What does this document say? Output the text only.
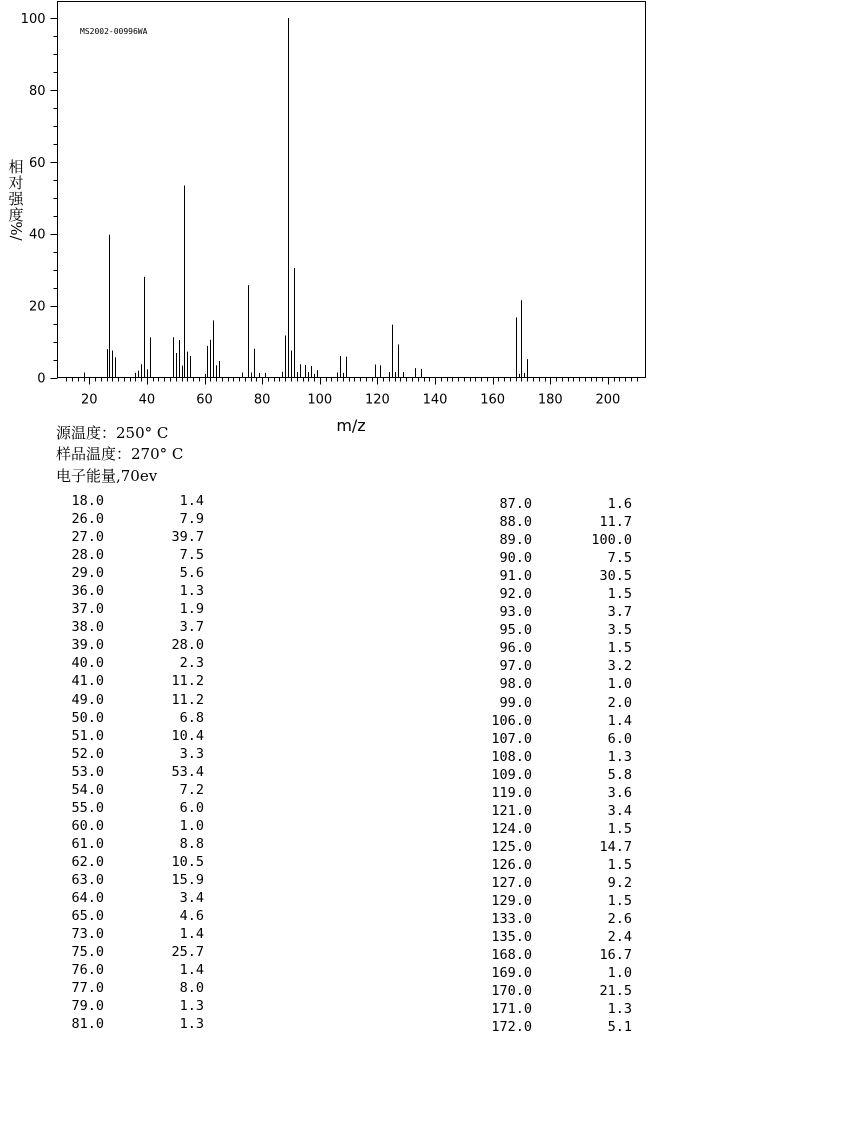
20	40	60	80	100	120	140	160	180	200
0
20
40
60
80
100
MS2002-00996WA
m/z
相
对
强
度
%/
源温度：250° C
样品温度：270° C
电子能量,70ev
18.0	1.4
26.0	7.9
27.0	39.7
28.0	7.5
29.0	5.6
36.0	1.3
37.0	1.9
38.0	3.7
39.0	28.0
40.0	2.3
41.0	11.2
49.0	11.2
50.0	6.8
51.0	10.4
52.0	3.3
53.0	53.4
54.0	7.2
55.0	6.0
60.0	1.0
61.0	8.8
62.0	10.5
63.0	15.9
64.0	3.4
65.0	4.6
73.0	1.4
75.0	25.7
76.0	1.4
77.0	8.0
79.0	1.3
81.0	1.3
87.0	1.6
88.0	11.7
89.0	100.0
90.0	7.5
91.0	30.5
92.0	1.5
93.0	3.7
95.0	3.5
96.0	1.5
97.0	3.2
98.0	1.0
99.0	2.0
106.0	1.4
107.0	6.0
108.0	1.3
109.0	5.8
119.0	3.6
121.0	3.4
124.0	1.5
125.0	14.7
126.0	1.5
127.0	9.2
129.0	1.5
133.0	2.6
135.0	2.4
168.0	16.7
169.0	1.0
170.0	21.5
171.0	1.3
172.0	5.1
